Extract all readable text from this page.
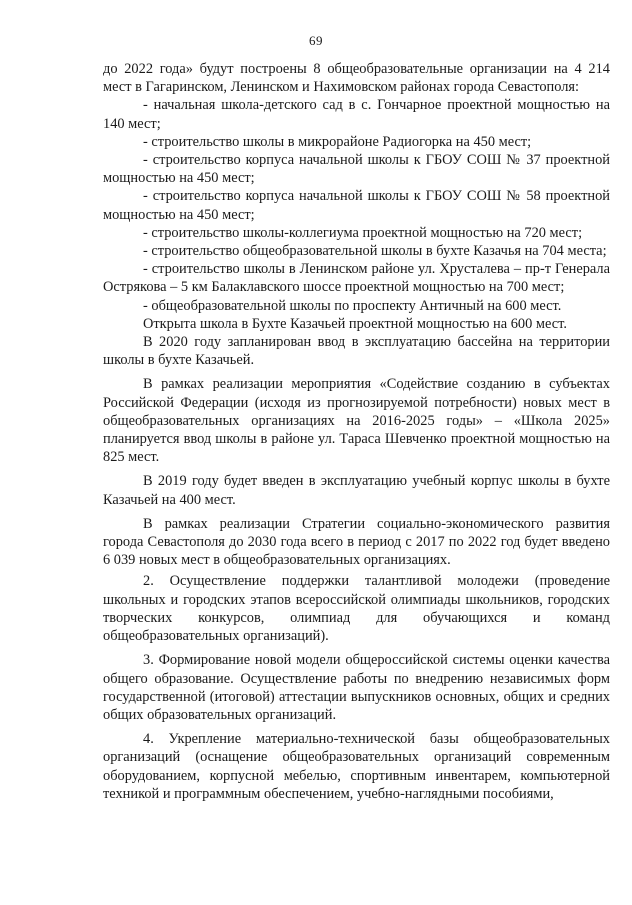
69

до 2022 года» будут построены 8 общеобразовательные организации на 4 214 мест в Гагаринском, Ленинском и Нахимовском районах города Севастополя:

- начальная школа-детского сад в с. Гончарное проектной мощностью на 140 мест;

- строительство школы в микрорайоне Радиогорка на 450 мест;

- строительство корпуса начальной школы к ГБОУ СОШ № 37 проектной мощностью на 450 мест;

- строительство корпуса начальной школы к ГБОУ СОШ № 58 проектной мощностью на 450 мест;

- строительство школы-коллегиума проектной мощностью на 720 мест;

- строительство общеобразовательной школы в бухте Казачья на 704 места;

- строительство школы в Ленинском районе ул. Хрусталева – пр-т Генерала Острякова – 5 км Балаклавского шоссе проектной мощностью на 700 мест;

- общеобразовательной школы по проспекту Античный на 600 мест.

Открыта школа в Бухте Казачьей проектной мощностью на 600 мест.

В 2020 году запланирован ввод в эксплуатацию бассейна на территории школы в бухте Казачьей.

В рамках реализации мероприятия «Содействие созданию в субъектах Российской Федерации (исходя из прогнозируемой потребности) новых мест в общеобразовательных организациях на 2016-2025 годы» – «Школа 2025» планируется ввод школы в районе ул. Тараса Шевченко проектной мощностью на 825 мест.

В 2019 году будет введен в эксплуатацию учебный корпус школы в бухте Казачьей на 400 мест.

В рамках реализации Стратегии социально-экономического развития города Севастополя до 2030 года всего в период с 2017 по 2022 год будет введено 6 039 новых мест в общеобразовательных организациях.

2. Осуществление поддержки талантливой молодежи (проведение школьных и городских этапов всероссийской олимпиады школьников, городских творческих конкурсов, олимпиад для обучающихся и команд общеобразовательных организаций).

3. Формирование новой модели общероссийской системы оценки качества общего образование. Осуществление работы по внедрению независимых форм государственной (итоговой) аттестации выпускников основных, общих и средних общих образовательных организаций.

4. Укрепление материально-технической базы общеобразовательных организаций (оснащение общеобразовательных организаций современным оборудованием, корпусной мебелью, спортивным инвентарем, компьютерной техникой и программным обеспечением, учебно-наглядными пособиями,
